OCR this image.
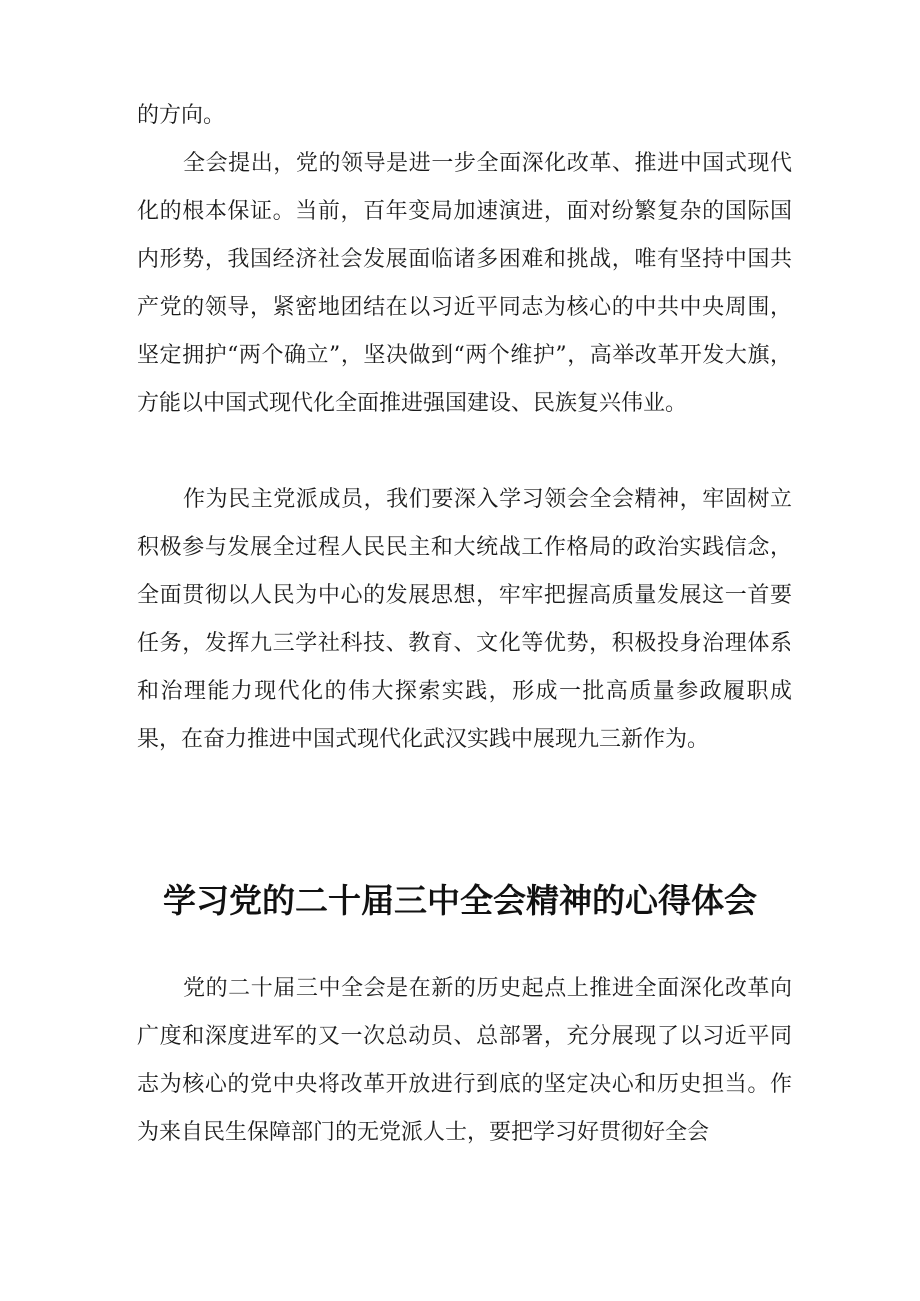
的方向。

全会提出，党的领导是进一步全面深化改革、推进中国式现代化的根本保证。当前，百年变局加速演进，面对纷繁复杂的国际国内形势，我国经济社会发展面临诸多困难和挑战，唯有坚持中国共产党的领导，紧密地团结在以习近平同志为核心的中共中央周围，坚定拥护“两个确立”，坚决做到“两个维护”，高举改革开发大旗，方能以中国式现代化全面推进强国建设、民族复兴伟业。

作为民主党派成员，我们要深入学习领会全会精神，牢固树立积极参与发展全过程人民民主和大统战工作格局的政治实践信念，全面贯彻以人民为中心的发展思想，牢牢把握高质量发展这一首要任务，发挥九三学社科技、教育、文化等优势，积极投身治理体系和治理能力现代化的伟大探索实践，形成一批高质量参政履职成果，在奋力推进中国式现代化武汉实践中展现九三新作为。

学习党的二十届三中全会精神的心得体会

党的二十届三中全会是在新的历史起点上推进全面深化改革向广度和深度进军的又一次总动员、总部署，充分展现了以习近平同志为核心的党中央将改革开放进行到底的坚定决心和历史担当。作为来自民生保障部门的无党派人士，要把学习好贯彻好全会
